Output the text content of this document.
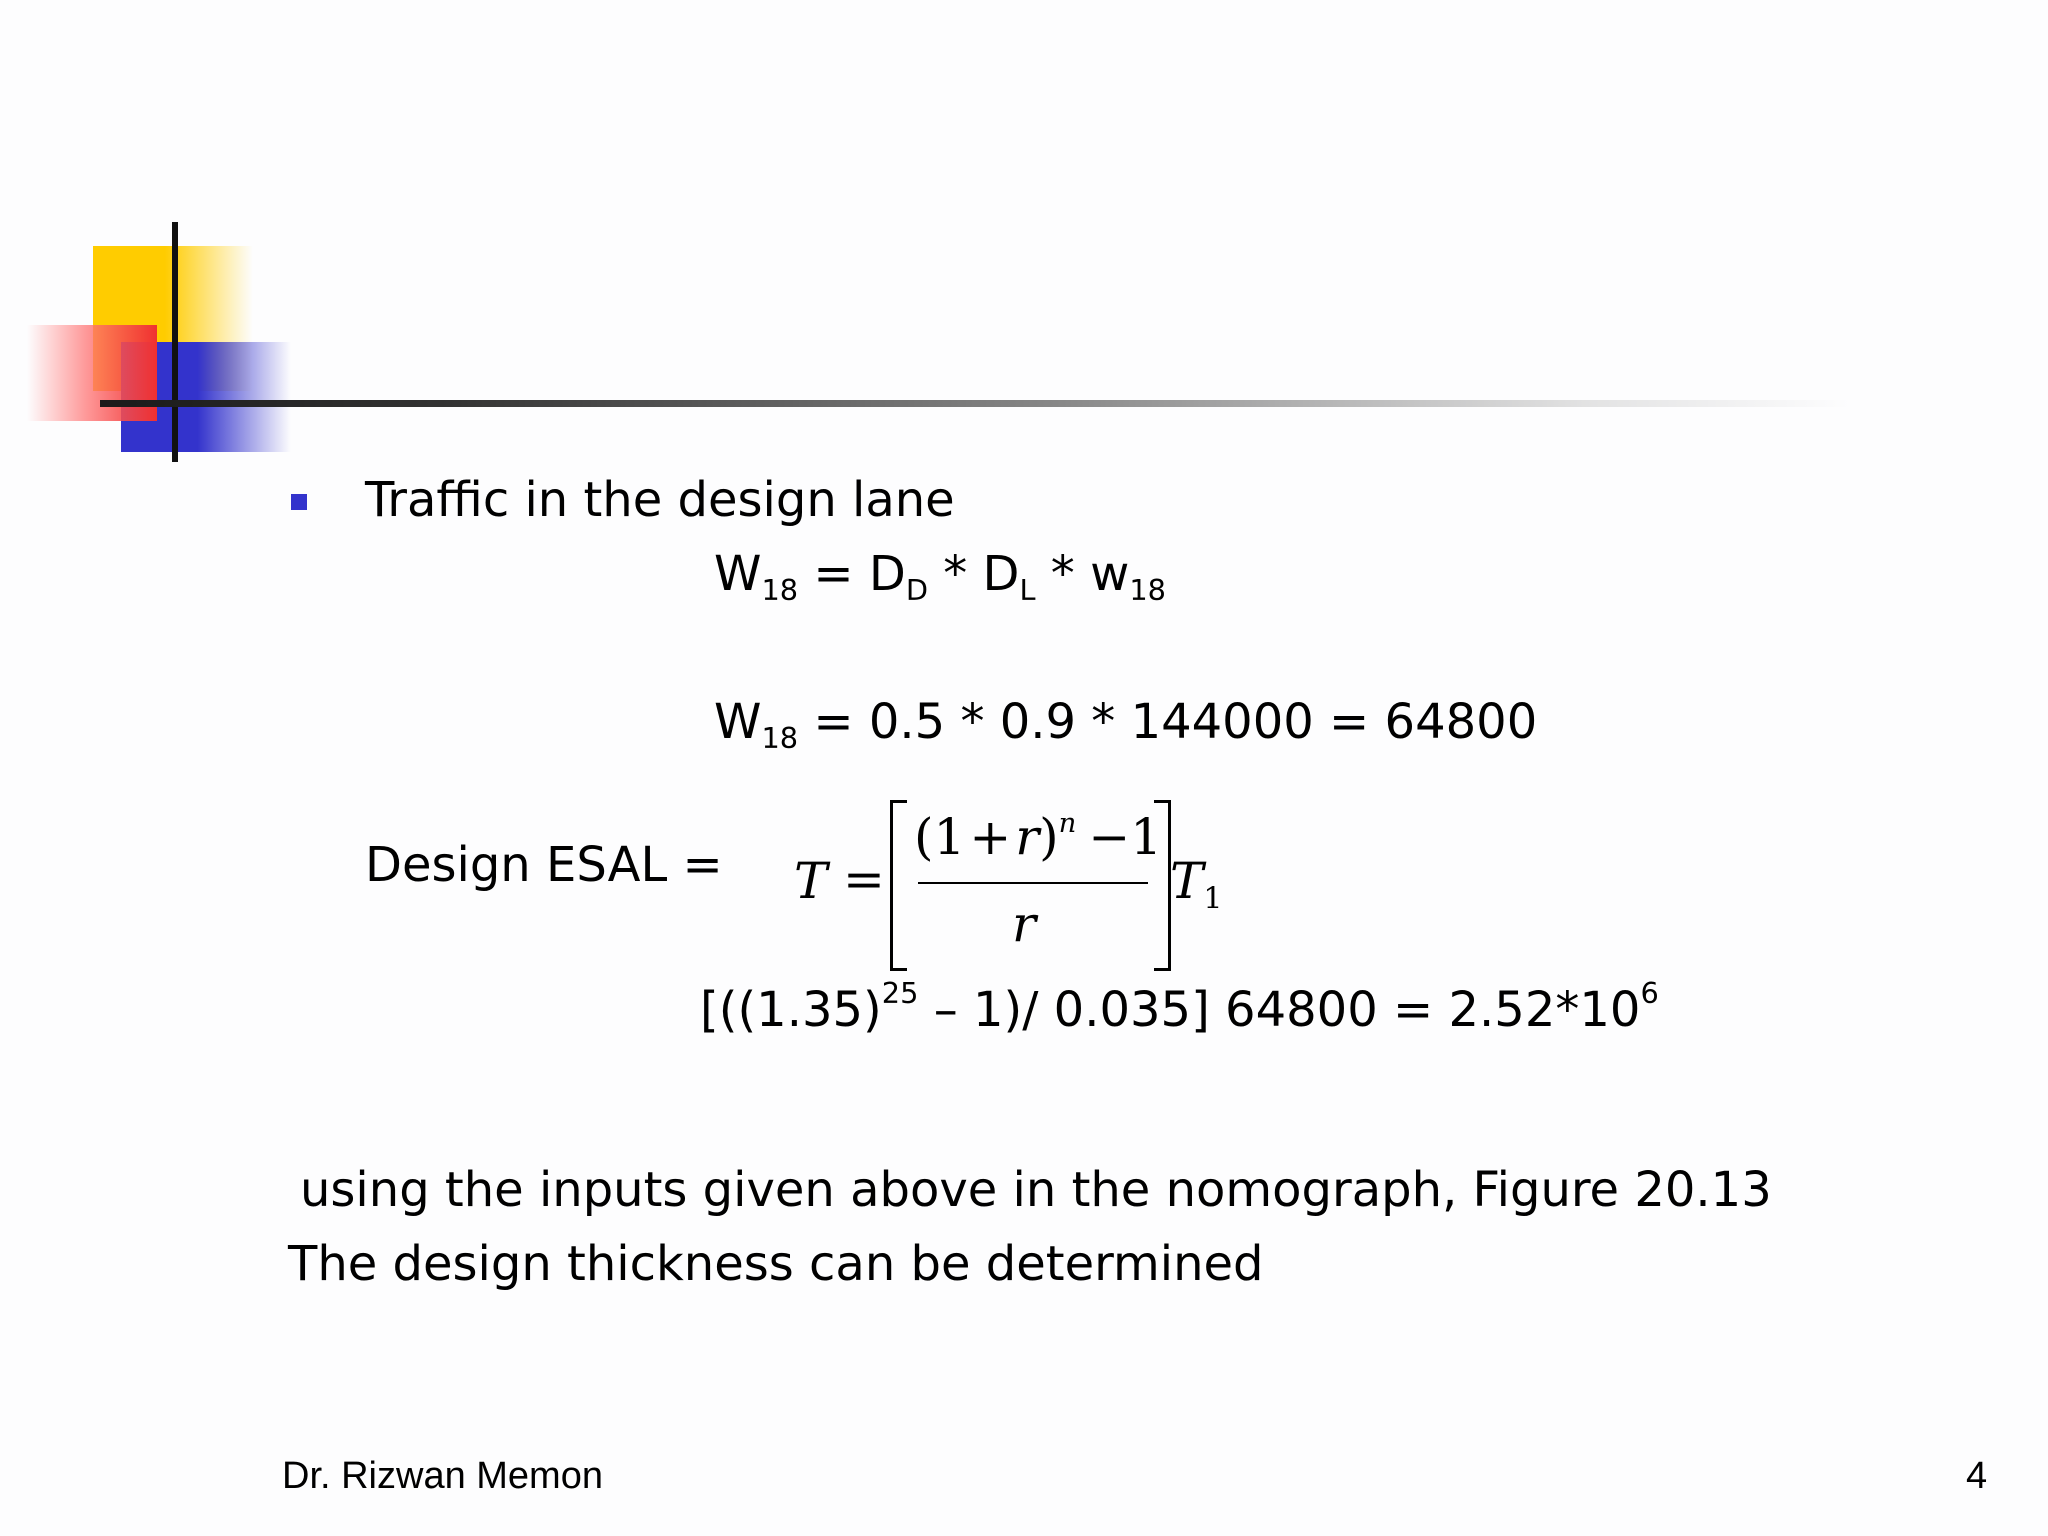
Traffic in the design lane
$W_{18} = D_D * D_L * w_{18}$
$W_{18} = 0.5 * 0.9 * 144000 = 64800$
Design ESAL = T =
$(1+r)^n -1$
r
$T_1$
[$((1.35)^{25} - 1)/$ 0.035] $64800 = 2.52*10^6$
using the inputs given above in the nomograph, Figure 20.13
The design thickness can be determined
Dr. Rizwan Memon	4
